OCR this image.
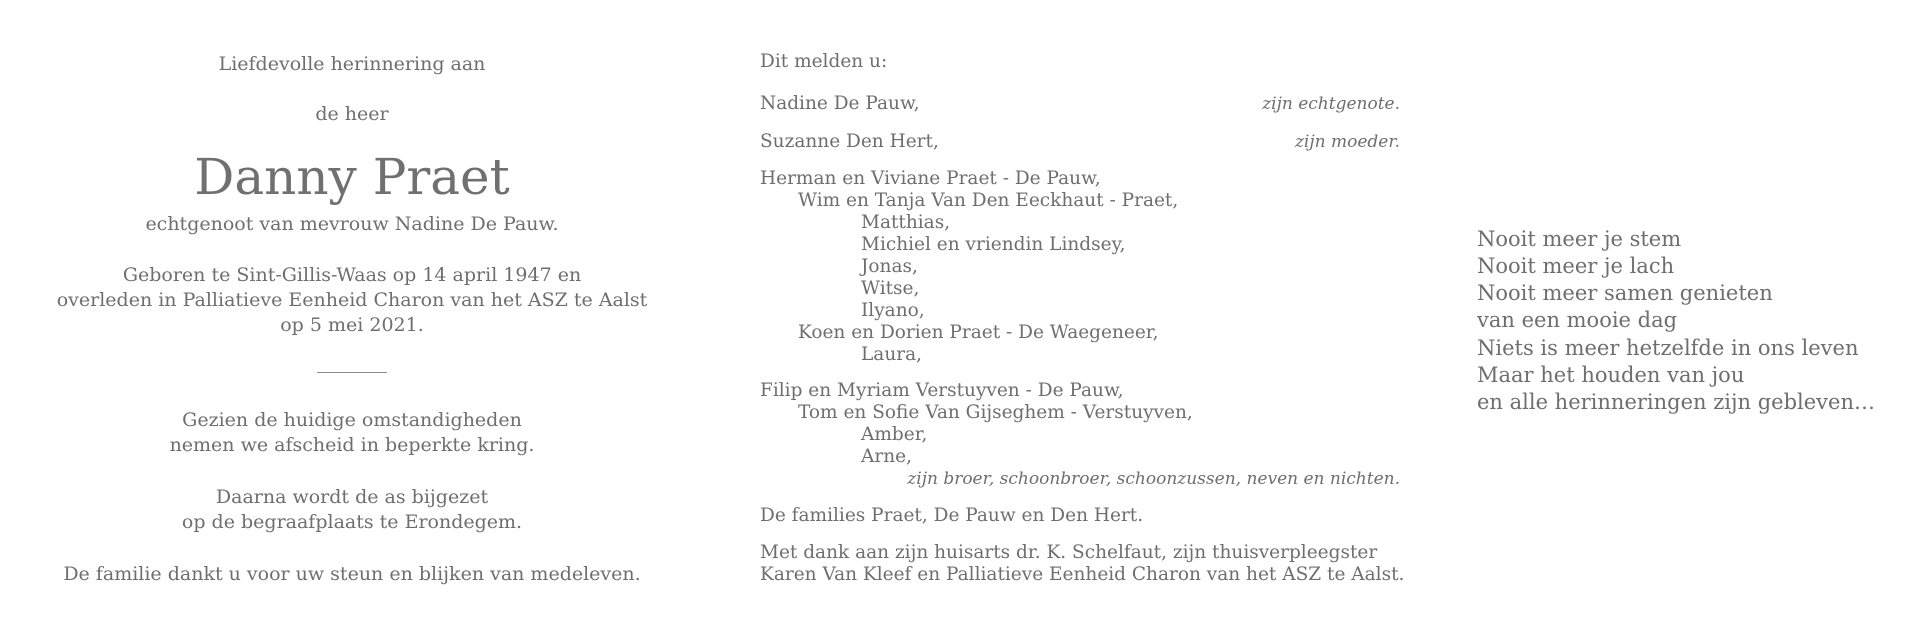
Liefdevolle herinnering aan
de heer
Danny Praet
echtgenoot van mevrouw Nadine De Pauw.
Geboren te Sint-Gillis-Waas op 14 april 1947 en
overleden in Palliatieve Eenheid Charon van het ASZ te Aalst
op 5 mei 2021.
Gezien de huidige omstandigheden
nemen we afscheid in beperkte kring.
Daarna wordt de as bijgezet
op de begraafplaats te Erondegem.
De familie dankt u voor uw steun en blijken van medeleven.
Dit melden u:
Nadine De Pauw,	zijn echtgenote.
Suzanne Den Hert,	zijn moeder.
Herman en Viviane Praet - De Pauw,
Wim en Tanja Van Den Eeckhaut - Praet,
Matthias,
Michiel en vriendin Lindsey,
Jonas,
Witse,
Ilyano,
Koen en Dorien Praet - De Waegeneer,
Laura,
Filip en Myriam Verstuyven - De Pauw,
Tom en Sofie Van Gijseghem - Verstuyven,
Amber,
Arne,
zijn broer, schoonbroer, schoonzussen, neven en nichten.
De families Praet, De Pauw en Den Hert.
Met dank aan zijn huisarts dr. K. Schelfaut, zijn thuisverpleegster
Karen Van Kleef en Palliatieve Eenheid Charon van het ASZ te Aalst.
Nooit meer je stem
Nooit meer je lach
Nooit meer samen genieten
van een mooie dag
Niets is meer hetzelfde in ons leven
Maar het houden van jou
en alle herinneringen zijn gebleven…
